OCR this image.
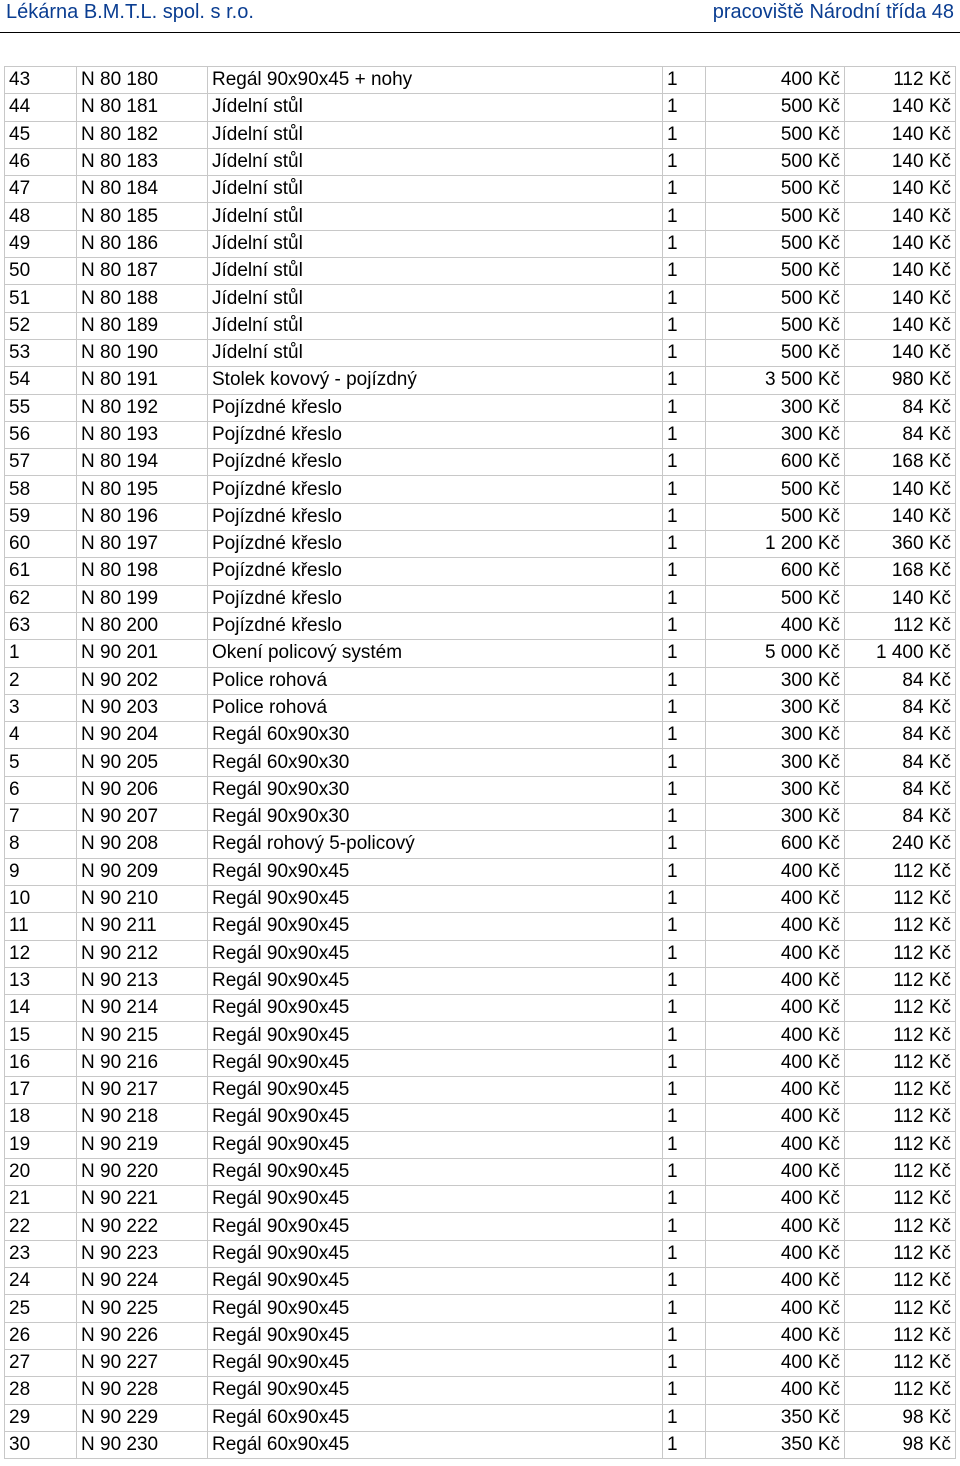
Lékárna B.M.T.L. spol. s r.o.	pracoviště Národní třída 48
43	N 80 180	Regál 90x90x45 + nohy	1	400 Kč	112 Kč
44	N 80 181	Jídelní stůl	1	500 Kč	140 Kč
45	N 80 182	Jídelní stůl	1	500 Kč	140 Kč
46	N 80 183	Jídelní stůl	1	500 Kč	140 Kč
47	N 80 184	Jídelní stůl	1	500 Kč	140 Kč
48	N 80 185	Jídelní stůl	1	500 Kč	140 Kč
49	N 80 186	Jídelní stůl	1	500 Kč	140 Kč
50	N 80 187	Jídelní stůl	1	500 Kč	140 Kč
51	N 80 188	Jídelní stůl	1	500 Kč	140 Kč
52	N 80 189	Jídelní stůl	1	500 Kč	140 Kč
53	N 80 190	Jídelní stůl	1	500 Kč	140 Kč
54	N 80 191	Stolek kovový - pojízdný	1	3 500 Kč	980 Kč
55	N 80 192	Pojízdné křeslo	1	300 Kč	84 Kč
56	N 80 193	Pojízdné křeslo	1	300 Kč	84 Kč
57	N 80 194	Pojízdné křeslo	1	600 Kč	168 Kč
58	N 80 195	Pojízdné křeslo	1	500 Kč	140 Kč
59	N 80 196	Pojízdné křeslo	1	500 Kč	140 Kč
60	N 80 197	Pojízdné křeslo	1	1 200 Kč	360 Kč
61	N 80 198	Pojízdné křeslo	1	600 Kč	168 Kč
62	N 80 199	Pojízdné křeslo	1	500 Kč	140 Kč
63	N 80 200	Pojízdné křeslo	1	400 Kč	112 Kč
1	N 90 201	Okení policový systém	1	5 000 Kč	1 400 Kč
2	N 90 202	Police rohová	1	300 Kč	84 Kč
3	N 90 203	Police rohová	1	300 Kč	84 Kč
4	N 90 204	Regál 60x90x30	1	300 Kč	84 Kč
5	N 90 205	Regál 60x90x30	1	300 Kč	84 Kč
6	N 90 206	Regál 90x90x30	1	300 Kč	84 Kč
7	N 90 207	Regál 90x90x30	1	300 Kč	84 Kč
8	N 90 208	Regál rohový 5-policový	1	600 Kč	240 Kč
9	N 90 209	Regál 90x90x45	1	400 Kč	112 Kč
10	N 90 210	Regál 90x90x45	1	400 Kč	112 Kč
11	N 90 211	Regál 90x90x45	1	400 Kč	112 Kč
12	N 90 212	Regál 90x90x45	1	400 Kč	112 Kč
13	N 90 213	Regál 90x90x45	1	400 Kč	112 Kč
14	N 90 214	Regál 90x90x45	1	400 Kč	112 Kč
15	N 90 215	Regál 90x90x45	1	400 Kč	112 Kč
16	N 90 216	Regál 90x90x45	1	400 Kč	112 Kč
17	N 90 217	Regál 90x90x45	1	400 Kč	112 Kč
18	N 90 218	Regál 90x90x45	1	400 Kč	112 Kč
19	N 90 219	Regál 90x90x45	1	400 Kč	112 Kč
20	N 90 220	Regál 90x90x45	1	400 Kč	112 Kč
21	N 90 221	Regál 90x90x45	1	400 Kč	112 Kč
22	N 90 222	Regál 90x90x45	1	400 Kč	112 Kč
23	N 90 223	Regál 90x90x45	1	400 Kč	112 Kč
24	N 90 224	Regál 90x90x45	1	400 Kč	112 Kč
25	N 90 225	Regál 90x90x45	1	400 Kč	112 Kč
26	N 90 226	Regál 90x90x45	1	400 Kč	112 Kč
27	N 90 227	Regál 90x90x45	1	400 Kč	112 Kč
28	N 90 228	Regál 90x90x45	1	400 Kč	112 Kč
29	N 90 229	Regál 60x90x45	1	350 Kč	98 Kč
30	N 90 230	Regál 60x90x45	1	350 Kč	98 Kč
